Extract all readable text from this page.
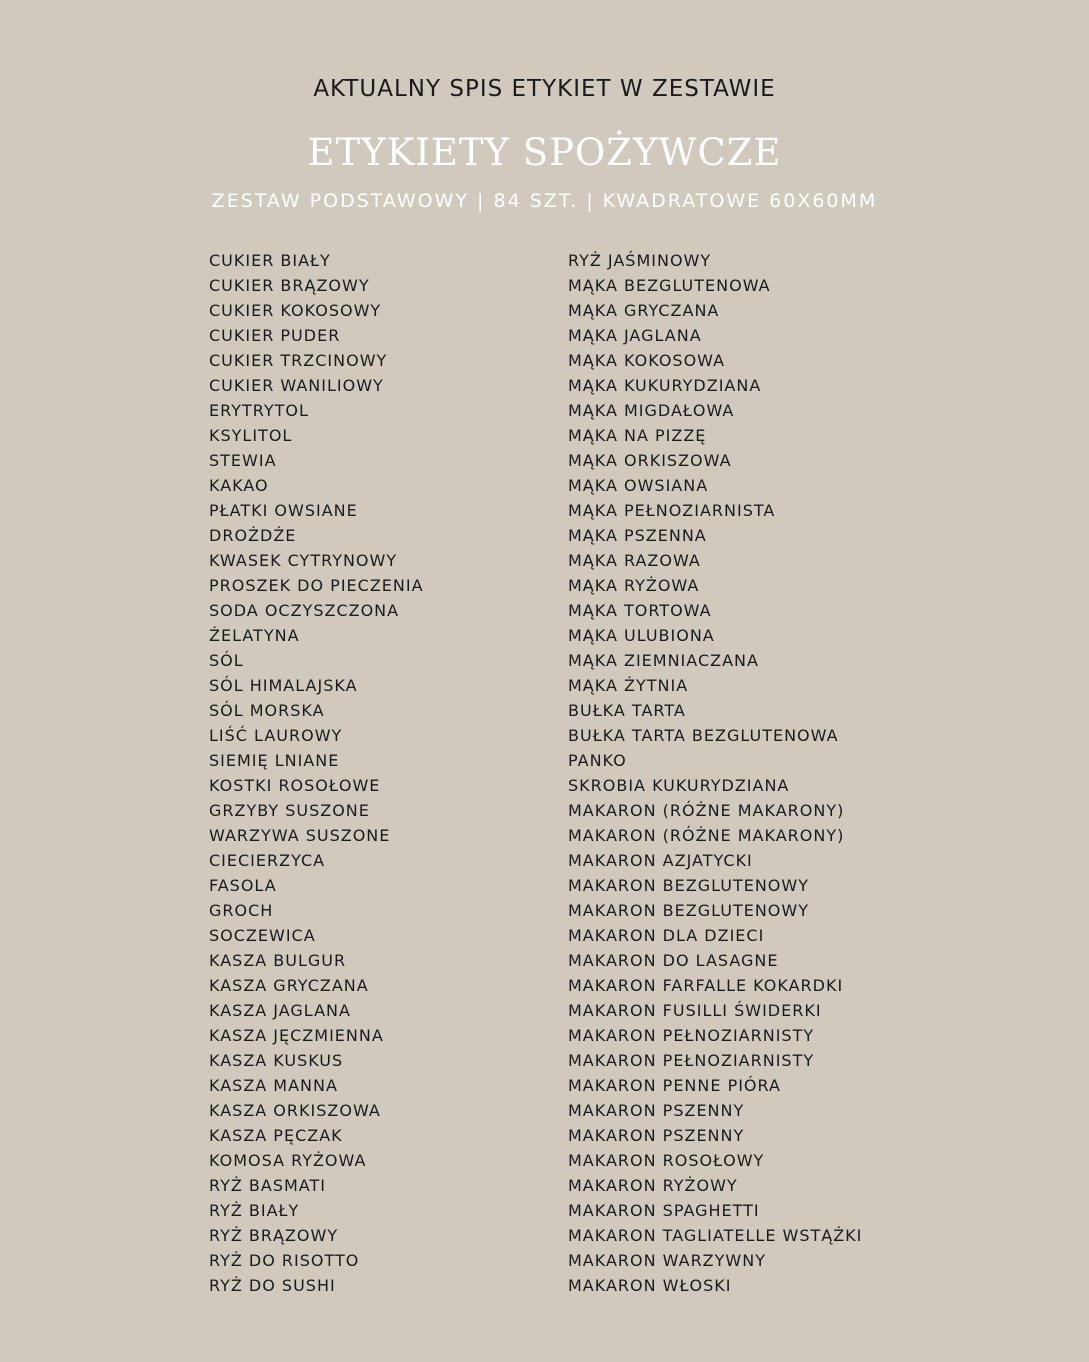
AKTUALNY SPIS ETYKIET W ZESTAWIE
ETYKIETY SPOŻYWCZE
ZESTAW PODSTAWOWY | 84 SZT. | KWADRATOWE 60X60MM
CUKIER BIAŁY
CUKIER BRĄZOWY
CUKIER KOKOSOWY
CUKIER PUDER
CUKIER TRZCINOWY
CUKIER WANILIOWY
ERYTRYTOL
KSYLITOL
STEWIA
KAKAO
PŁATKI OWSIANE
DROŻDŻE
KWASEK CYTRYNOWY
PROSZEK DO PIECZENIA
SODA OCZYSZCZONA
ŻELATYNA
SÓL
SÓL HIMALAJSKA
SÓL MORSKA
LIŚĆ LAUROWY
SIEMIĘ LNIANE
KOSTKI ROSOŁOWE
GRZYBY SUSZONE
WARZYWA SUSZONE
CIECIERZYCA
FASOLA
GROCH
SOCZEWICA
KASZA BULGUR
KASZA GRYCZANA
KASZA JAGLANA
KASZA JĘCZMIENNA
KASZA KUSKUS
KASZA MANNA
KASZA ORKISZOWA
KASZA PĘCZAK
KOMOSA RYŻOWA
RYŻ BASMATI
RYŻ BIAŁY
RYŻ BRĄZOWY
RYŻ DO RISOTTO
RYŻ DO SUSHI
RYŻ JAŚMINOWY
MĄKA BEZGLUTENOWA
MĄKA GRYCZANA
MĄKA JAGLANA
MĄKA KOKOSOWA
MĄKA KUKURYDZIANA
MĄKA MIGDAŁOWA
MĄKA NA PIZZĘ
MĄKA ORKISZOWA
MĄKA OWSIANA
MĄKA PEŁNOZIARNISTA
MĄKA PSZENNA
MĄKA RAZOWA
MĄKA RYŻOWA
MĄKA TORTOWA
MĄKA ULUBIONA
MĄKA ZIEMNIACZANA
MĄKA ŻYTNIA
BUŁKA TARTA
BUŁKA TARTA BEZGLUTENOWA
PANKO
SKROBIA KUKURYDZIANA
MAKARON (RÓŻNE MAKARONY)
MAKARON (RÓŻNE MAKARONY)
MAKARON AZJATYCKI
MAKARON BEZGLUTENOWY
MAKARON BEZGLUTENOWY
MAKARON DLA DZIECI
MAKARON DO LASAGNE
MAKARON FARFALLE KOKARDKI
MAKARON FUSILLI ŚWIDERKI
MAKARON PEŁNOZIARNISTY
MAKARON PEŁNOZIARNISTY
MAKARON PENNE PIÓRA
MAKARON PSZENNY
MAKARON PSZENNY
MAKARON ROSOŁOWY
MAKARON RYŻOWY
MAKARON SPAGHETTI
MAKARON TAGLIATELLE WSTĄŻKI
MAKARON WARZYWNY
MAKARON WŁOSKI
